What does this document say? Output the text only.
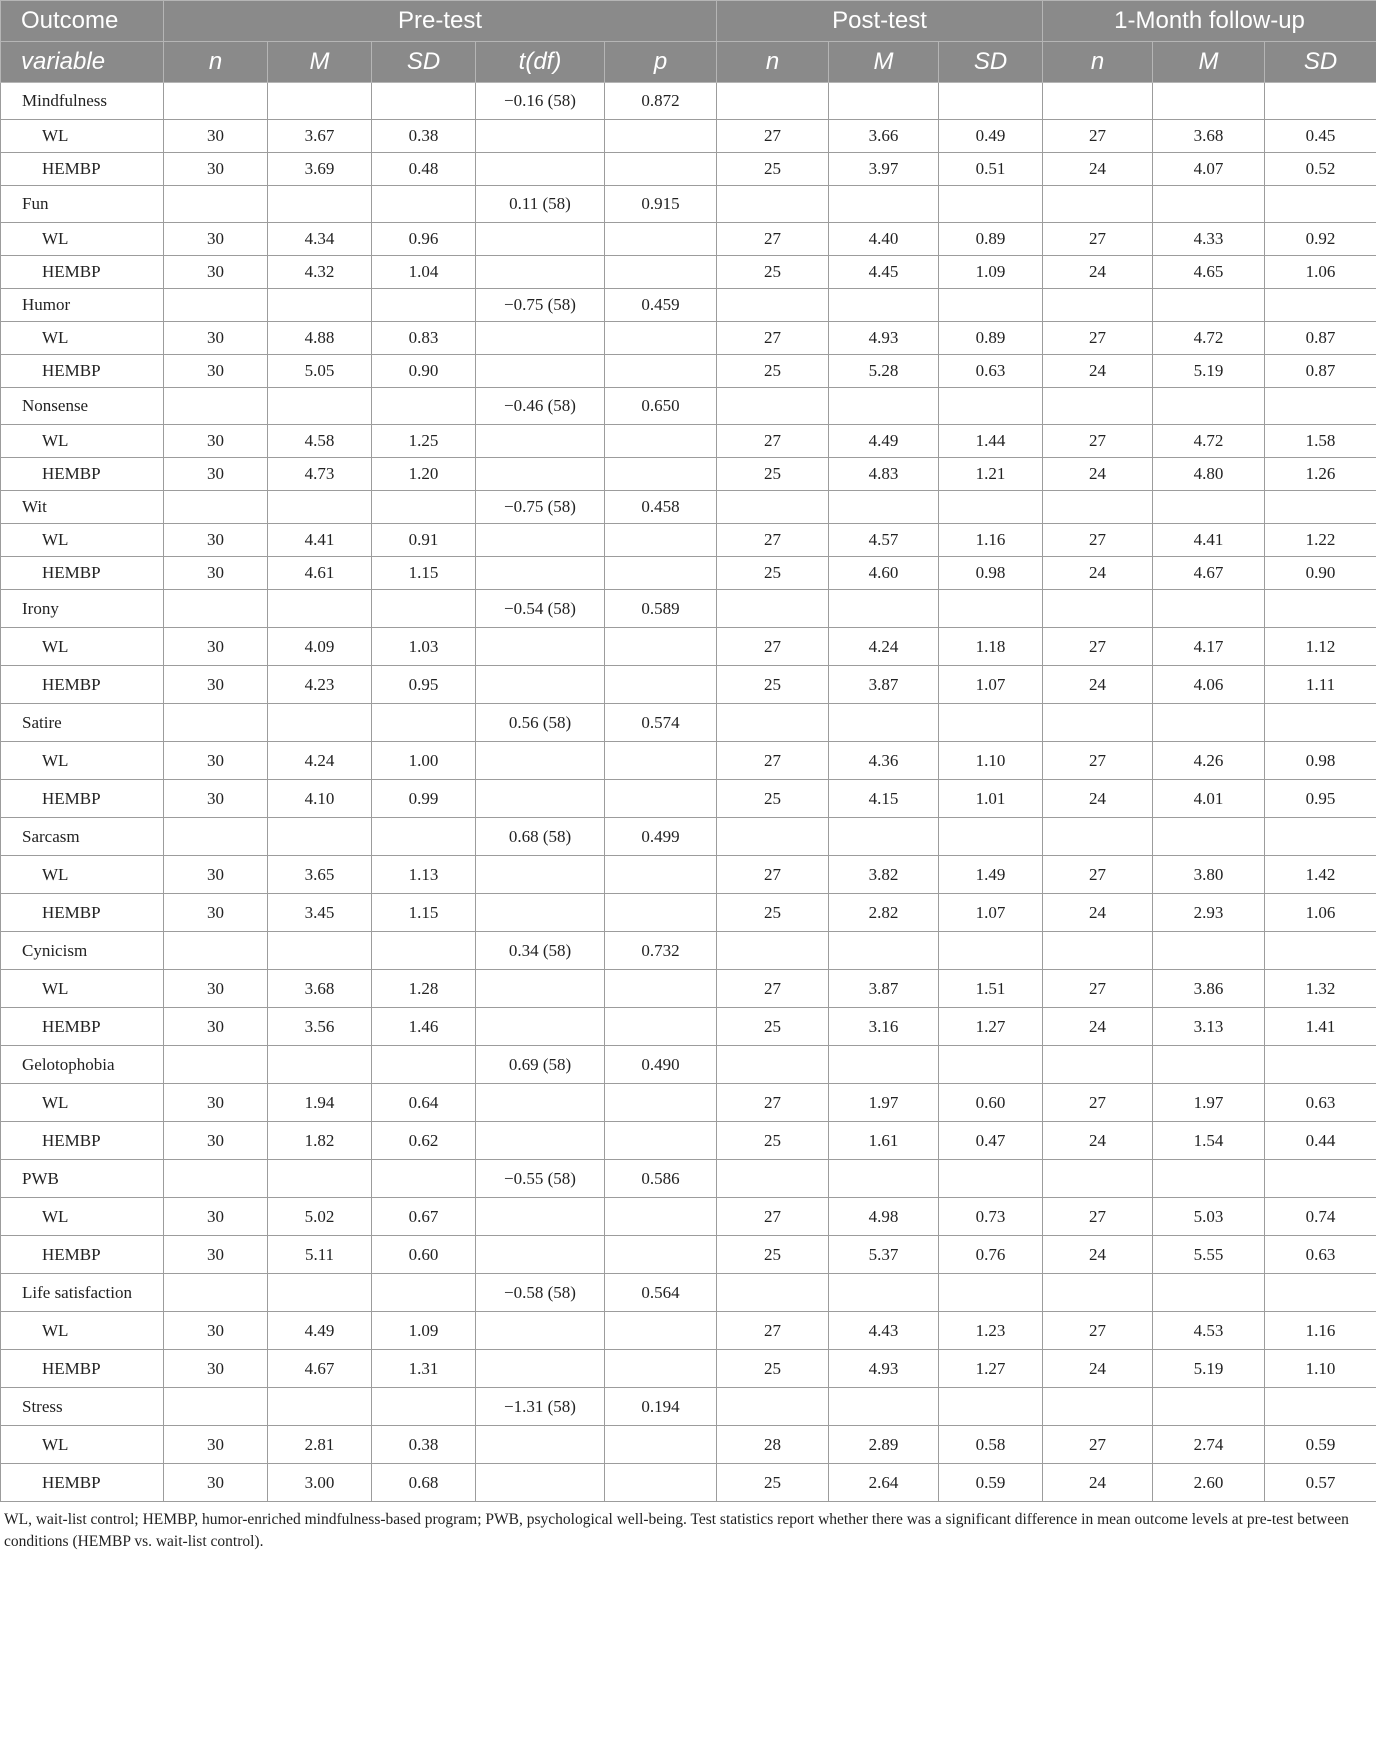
Outcome	Pre-test					Post-test			1-Month follow-up		
variable	n	M	SD	t(df)	p	n	M	SD	n	M	SD
Mindfulness				−0.16 (58)	0.872						
WL	30	3.67	0.38			27	3.66	0.49	27	3.68	0.45
HEMBP	30	3.69	0.48			25	3.97	0.51	24	4.07	0.52
Fun				0.11 (58)	0.915						
WL	30	4.34	0.96			27	4.40	0.89	27	4.33	0.92
HEMBP	30	4.32	1.04			25	4.45	1.09	24	4.65	1.06
Humor				−0.75 (58)	0.459						
WL	30	4.88	0.83			27	4.93	0.89	27	4.72	0.87
HEMBP	30	5.05	0.90			25	5.28	0.63	24	5.19	0.87
Nonsense				−0.46 (58)	0.650						
WL	30	4.58	1.25			27	4.49	1.44	27	4.72	1.58
HEMBP	30	4.73	1.20			25	4.83	1.21	24	4.80	1.26
Wit				−0.75 (58)	0.458						
WL	30	4.41	0.91			27	4.57	1.16	27	4.41	1.22
HEMBP	30	4.61	1.15			25	4.60	0.98	24	4.67	0.90
Irony				−0.54 (58)	0.589						
WL	30	4.09	1.03			27	4.24	1.18	27	4.17	1.12
HEMBP	30	4.23	0.95			25	3.87	1.07	24	4.06	1.11
Satire				0.56 (58)	0.574						
WL	30	4.24	1.00			27	4.36	1.10	27	4.26	0.98
HEMBP	30	4.10	0.99			25	4.15	1.01	24	4.01	0.95
Sarcasm				0.68 (58)	0.499						
WL	30	3.65	1.13			27	3.82	1.49	27	3.80	1.42
HEMBP	30	3.45	1.15			25	2.82	1.07	24	2.93	1.06
Cynicism				0.34 (58)	0.732						
WL	30	3.68	1.28			27	3.87	1.51	27	3.86	1.32
HEMBP	30	3.56	1.46			25	3.16	1.27	24	3.13	1.41
Gelotophobia				0.69 (58)	0.490						
WL	30	1.94	0.64			27	1.97	0.60	27	1.97	0.63
HEMBP	30	1.82	0.62			25	1.61	0.47	24	1.54	0.44
PWB				−0.55 (58)	0.586						
WL	30	5.02	0.67			27	4.98	0.73	27	5.03	0.74
HEMBP	30	5.11	0.60			25	5.37	0.76	24	5.55	0.63
Life satisfaction				−0.58 (58)	0.564						
WL	30	4.49	1.09			27	4.43	1.23	27	4.53	1.16
HEMBP	30	4.67	1.31			25	4.93	1.27	24	5.19	1.10
Stress				−1.31 (58)	0.194						
WL	30	2.81	0.38			28	2.89	0.58	27	2.74	0.59
HEMBP	30	3.00	0.68			25	2.64	0.59	24	2.60	0.57
WL, wait-list control; HEMBP, humor-enriched mindfulness-based program; PWB, psychological well-being. Test statistics report whether there was a significant difference in mean outcome levels at pre-test between conditions (HEMBP vs. wait-list control).
